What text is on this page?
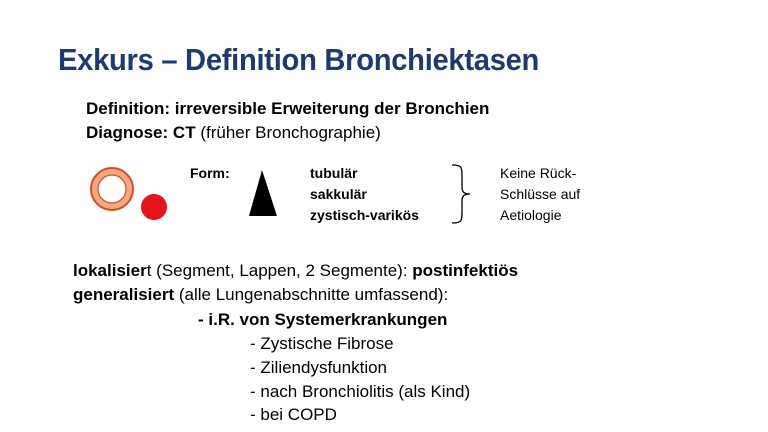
Exkurs – Definition Bronchiektasen
Definition: irreversible Erweiterung der Bronchien
Diagnose: CT (früher Bronchographie)
Form:	tubulär
sakkulär
zystisch-varikös
Keine Rück-
Schlüsse auf
Aetiologie
lokalisiert (Segment, Lappen, 2 Segmente): postinfektiös
generalisiert (alle Lungenabschnitte umfassend):
- i.R. von Systemerkrankungen
- Zystische Fibrose
- Ziliendysfunktion
- nach Bronchiolitis (als Kind)
- bei COPD
